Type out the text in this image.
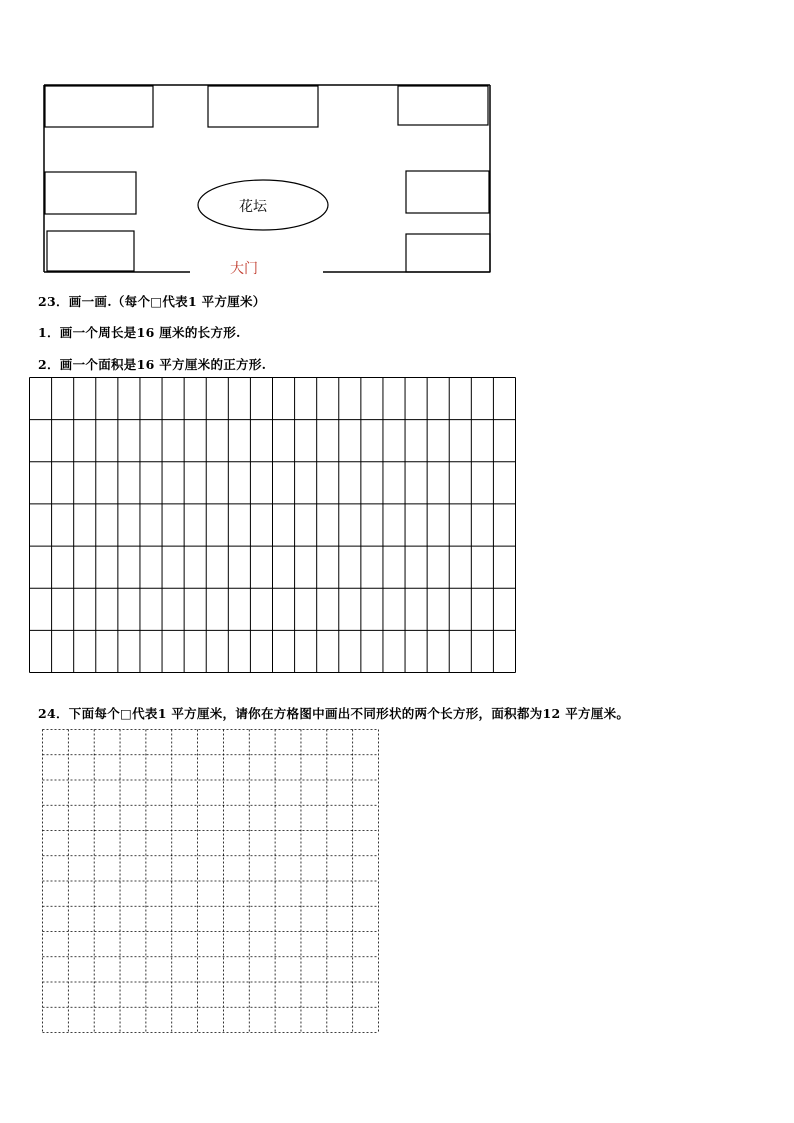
花坛
大门
23．画一画.（每个□代表1 平方厘米）
1．画一个周长是16 厘米的长方形.
2．画一个面积是16 平方厘米的正方形.
24．下面每个□代表1 平方厘米，请你在方格图中画出不同形状的两个长方形，面积都为12 平方厘米。
